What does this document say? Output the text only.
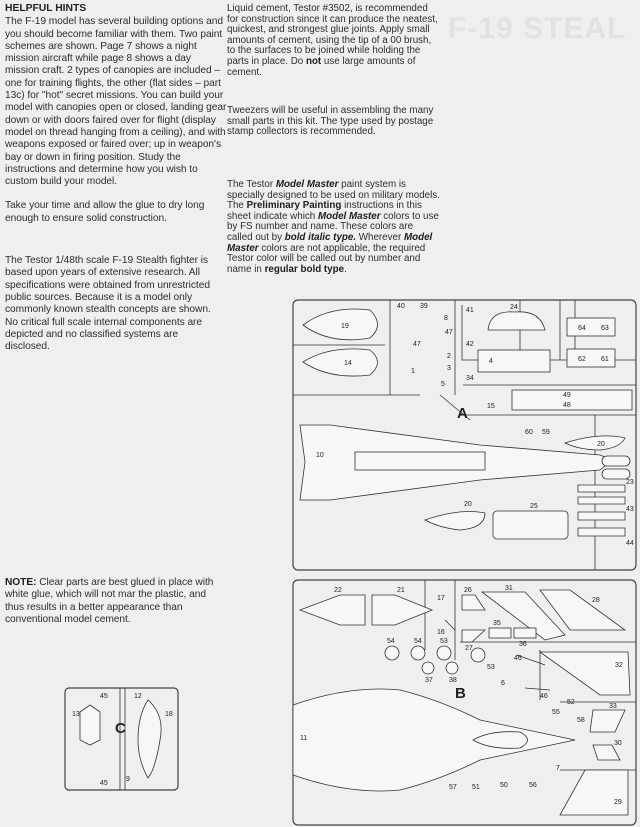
F-19 STEAL

HELPFUL HINTS

The F-19 model has several building options and you should become familiar with them. Two paint schemes are shown. Page 7 shows a night mission aircraft while page 8 shows a day mission craft. 2 types of canopies are included – one for training flights, the other (flat sides – part 13c) for "hot" secret missions. You can build your model with canopies open or closed, landing gear down or with doors faired over for flight (display model on thread hanging from a ceiling), and with weapons exposed or faired over; up in weapon's bay or down in firing position. Study the instructions and determine how you wish to custom build your model.

Take your time and allow the glue to dry long enough to ensure solid construction.

The Testor 1/48th scale F-19 Stealth fighter is based upon years of extensive research. All specifications were obtained from unrestricted public sources. Because it is a model only commonly known stealth concepts are shown. No critical full scale internal components are depicted and no classified systems are disclosed.

NOTE: Clear parts are best glued in place with white glue, which will not mar the plastic, and thus results in a better appearance than conventional model cement.

Liquid cement, Testor #3502, is recommended for construction since it can produce the neatest, quickest, and strongest glue joints. Apply small amounts of cement, using the tip of a 00 brush, to the surfaces to be joined while holding the parts in place. Do not use large amounts of cement.

Tweezers will be useful in assembling the many small parts in this kit. The type used by postage stamp collectors is recommended.

The Testor Model Master paint system is specially designed to be used on military models. The Preliminary Painting instructions in this sheet indicate which Model Master colors to use by FS number and name. These colors are called out by bold italic type. Wherever Model Master colors are not applicable, the required Testor color will be called out by number and name in regular bold type.

40 39
8
47
47
19
14
1
2
3
5
41
42
24
4
34
64 63
62 61
49
48
15
60 59
20
10
23
43
44
20	25
A
22	21
17
26	31
28
16
27
35
36
54	54	53
53
37 38
46
46
32
6
52
55
58
33
11
30
7
29
57 51	50	56
B
45	12
13	18
45
9
C
